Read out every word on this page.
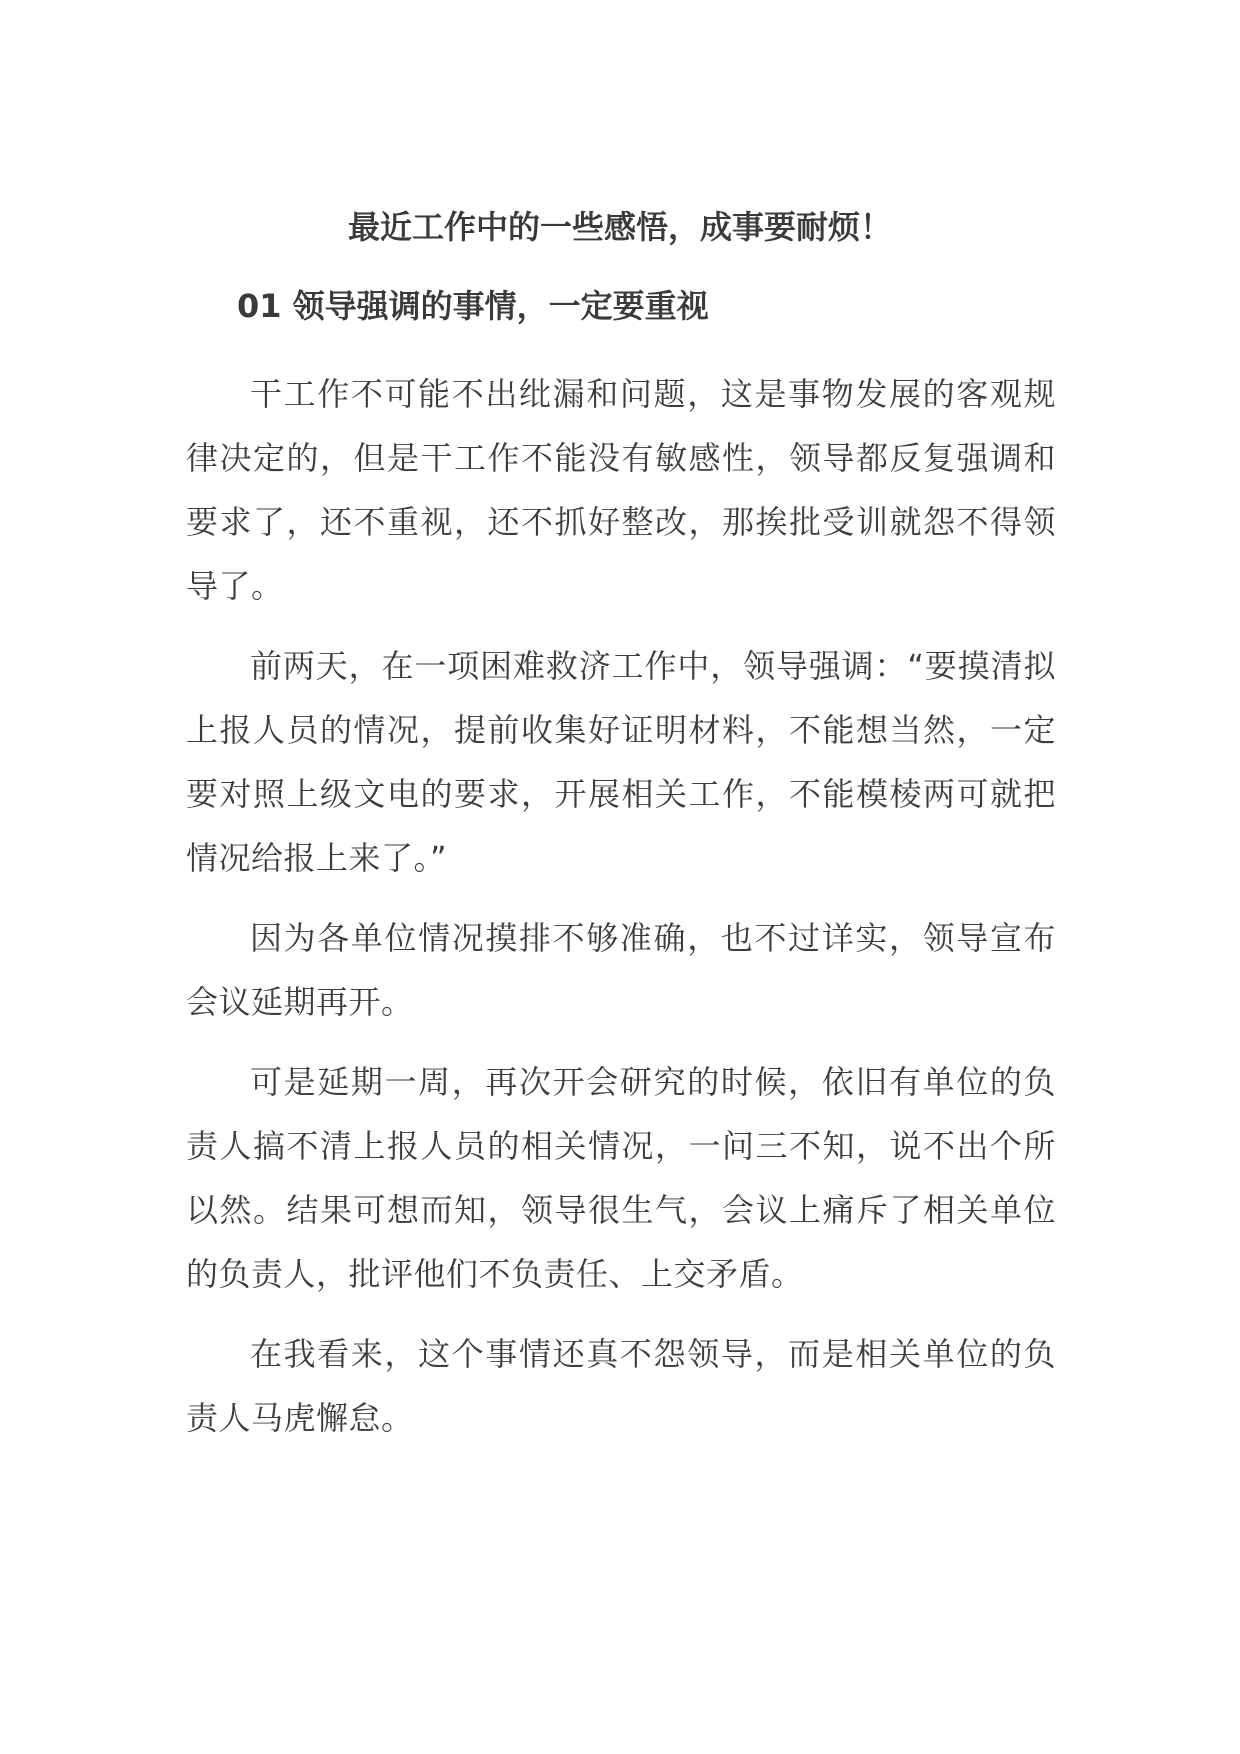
最近工作中的一些感悟，成事要耐烦！
01 领导强调的事情，一定要重视

干工作不可能不出纰漏和问题，这是事物发展的客观规律决定的，但是干工作不能没有敏感性，领导都反复强调和要求了，还不重视，还不抓好整改，那挨批受训就怨不得领导了。

前两天，在一项困难救济工作中，领导强调：“要摸清拟上报人员的情况，提前收集好证明材料，不能想当然，一定要对照上级文电的要求，开展相关工作，不能模棱两可就把情况给报上来了。”

因为各单位情况摸排不够准确，也不过详实，领导宣布会议延期再开。

可是延期一周，再次开会研究的时候，依旧有单位的负责人搞不清上报人员的相关情况，一问三不知，说不出个所以然。结果可想而知，领导很生气，会议上痛斥了相关单位的负责人，批评他们不负责任、上交矛盾。

在我看来，这个事情还真不怨领导，而是相关单位的负责人马虎懈怠。
